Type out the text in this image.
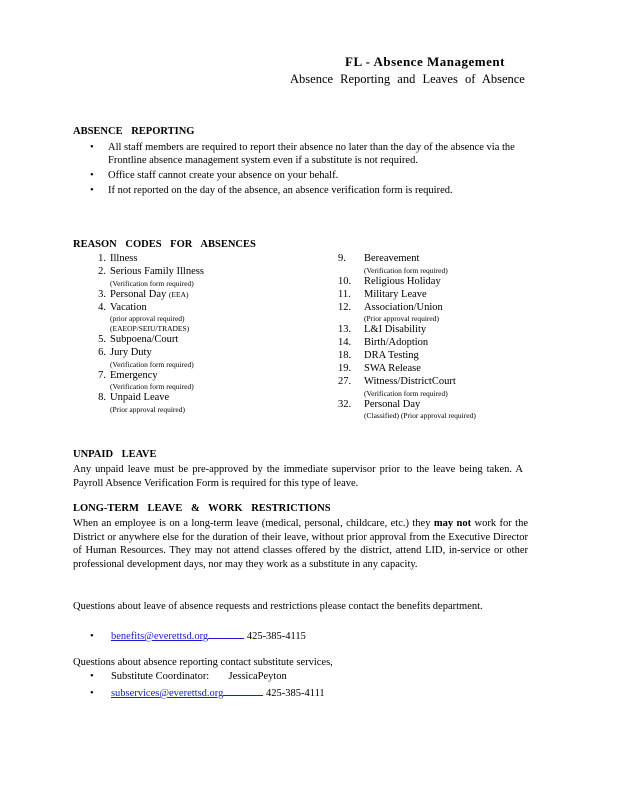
FL - Absence Management
Absence Reporting and Leaves of Absence
ABSENCE REPORTING
• All staff members are required to report their absence no later than the day of the absence via the Frontline absence management system even if a substitute is not required.
• Office staff cannot create your absence on your behalf.
• If not reported on the day of the absence, an absence verification form is required.
REASON CODES FOR ABSENCES
1. Illness
2. Serious Family Illness
(Verification form required)
3. Personal Day (EEA)
4. Vacation
(prior approval required) (EAEOP/SEIU/TRADES)
5. Subpoena/Court
6. Jury Duty
(Verification form required)
7. Emergency
(Verification form required)
8. Unpaid Leave
(Prior approval required)
9.	Bereavement
(Verification form required)
10.	Religious Holiday
11.	Military Leave
12.	Association/Union
(Prior approval required)
13.	L&I Disability
14.	Birth/Adoption
18.	DRA Testing
19.	SWA Release
27.	Witness/DistrictCourt
(Verification form required)
32.	Personal Day
(Classified) (Prior approval required)
UNPAID LEAVE
Any unpaid leave must be pre-approved by the immediate supervisor prior to the leave being taken. A Payroll Absence Verification Form is required for this type of leave.
LONG-TERM LEAVE & WORK RESTRICTIONS
When an employee is on a long-term leave (medical, personal, childcare, etc.) they may not work for the District or anywhere else for the duration of their leave, without prior approval from the Executive Director of Human Resources. They may not attend classes offered by the district, attend LID, in-service or other professional development days, nor may they work as a substitute in any capacity.
Questions about leave of absence requests and restrictions please contact the benefits department.
• benefits@everettsd.org	425-385-4115
Questions about absence reporting contact substitute services,
• Substitute Coordinator: JessicaPeyton
• subservices@everettsd.org	425-385-4111
